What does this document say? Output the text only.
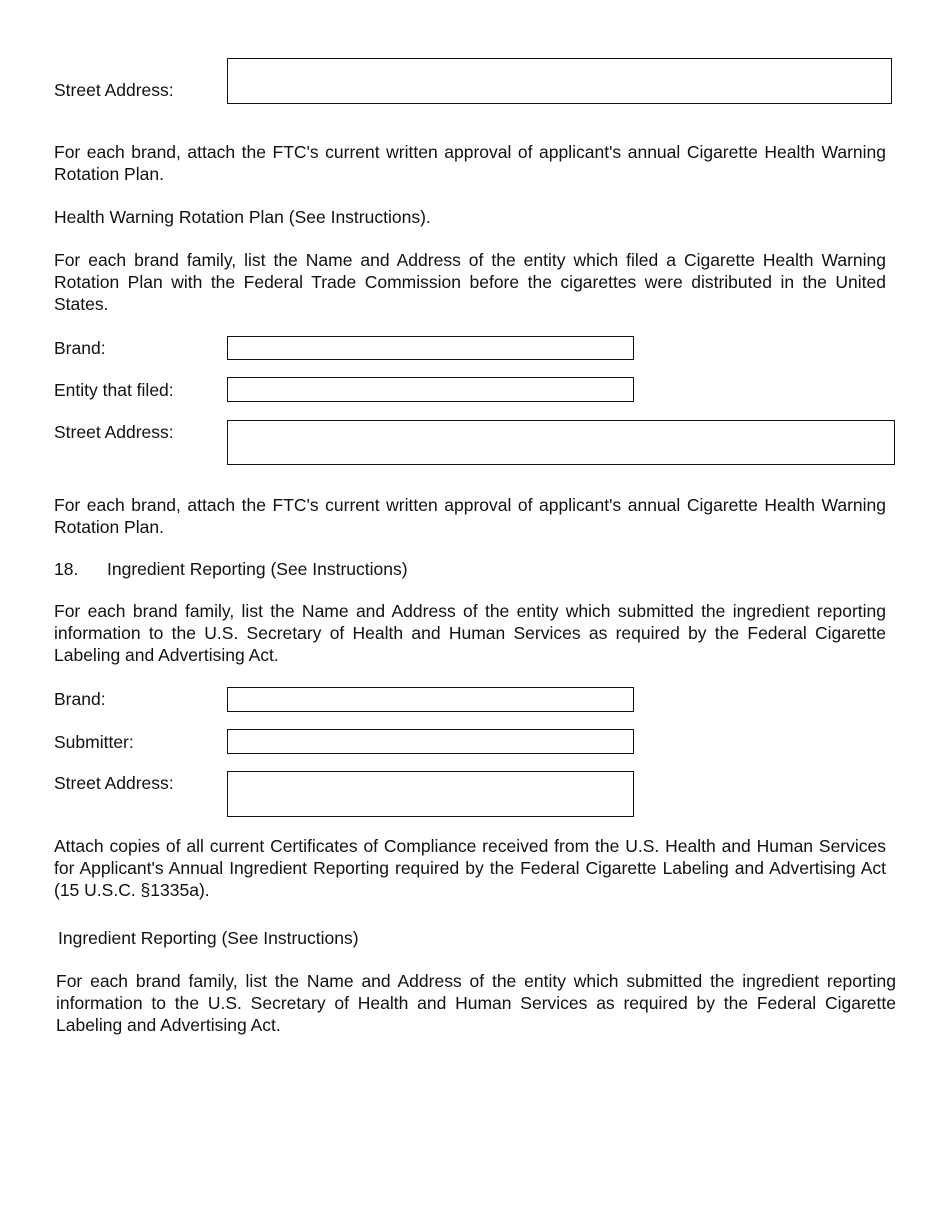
Street Address:
For each brand, attach the FTC's current written approval of applicant's annual Cigarette Health Warning Rotation Plan.
Health Warning Rotation Plan (See Instructions).
For each brand family, list the Name and Address of the entity which filed a Cigarette Health Warning Rotation Plan with the Federal Trade Commission before the cigarettes were distributed in the United States.
Brand:
Entity that filed:
Street Address:
For each brand, attach the FTC's current written approval of applicant's annual Cigarette Health Warning Rotation Plan.
18. Ingredient Reporting (See Instructions)
For each brand family, list the Name and Address of the entity which submitted the ingredient reporting information to the U.S. Secretary of Health and Human Services as required by the Federal Cigarette Labeling and Advertising Act.
Brand:
Submitter:
Street Address:
Attach copies of all current Certificates of Compliance received from the U.S. Health and Human Services for Applicant's Annual Ingredient Reporting required by the Federal Cigarette Labeling and Advertising Act (15 U.S.C. §1335a).
Ingredient Reporting (See Instructions)
For each brand family, list the Name and Address of the entity which submitted the ingredient reporting information to the U.S. Secretary of Health and Human Services as required by the Federal Cigarette Labeling and Advertising Act.
